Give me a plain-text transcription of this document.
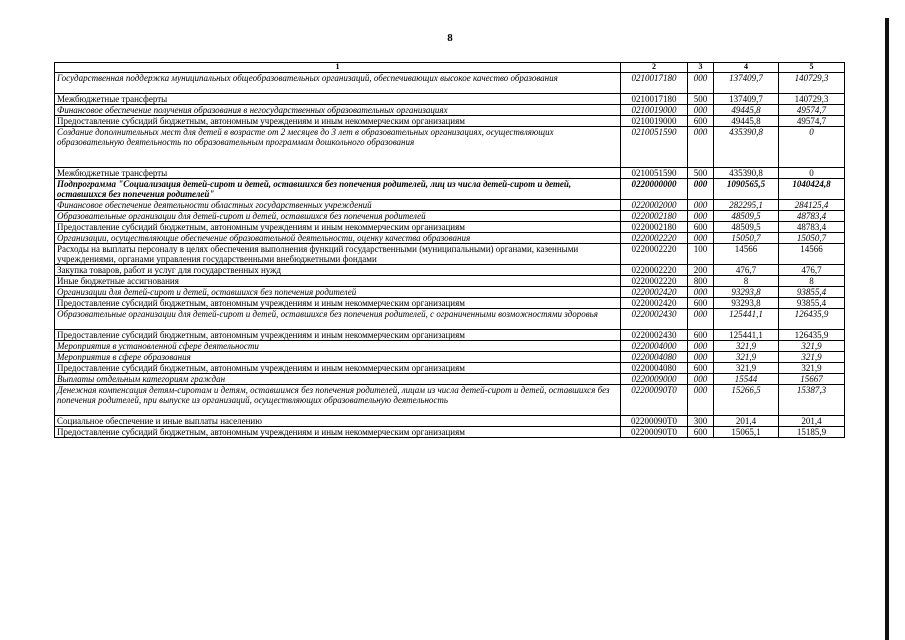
8
1	2	3	4	5
Государственная поддержка муниципальных общеобразовательных организаций, обеспечивающих высокое качество образования	0210017180	000	137409,7	140729,3
Межбюджетные трансферты	0210017180	500	137409,7	140729,3
Финансовое обеспечение получения образования в негосударственных образовательных организациях	0210019000	000	49445,8	49574,7
Предоставление субсидий бюджетным, автономным учреждениям и иным некоммерческим организациям	0210019000	600	49445,8	49574,7
Создание дополнительных мест для детей в возрасте от 2 месяцев до 3 лет в образовательных организациях, осуществляющих образовательную деятельность по образовательным программам дошкольного образования	0210051590	000	435390,8	0
Межбюджетные трансферты	0210051590	500	435390,8	0
Подпрограмма "Социализация детей-сирот и детей, оставшихся без попечения родителей, лиц из числа детей-сирот и детей, оставшихся без попечения родителей"	0220000000	000	1090565,5	1040424,8
Финансовое обеспечение деятельности областных государственных учреждений	0220002000	000	282295,1	284125,4
Образовательные организации для детей-сирот и детей, оставшихся без попечения родителей	0220002180	000	48509,5	48783,4
Предоставление субсидий бюджетным, автономным учреждениям и иным некоммерческим организациям	0220002180	600	48509,5	48783,4
Организации, осуществляющие обеспечение образовательной деятельности, оценку качества образования	0220002220	000	15050,7	15050,7
Расходы на выплаты персоналу в целях обеспечения выполнения функций государственными (муниципальными) органами, казенными учреждениями, органами управления государственными внебюджетными фондами	0220002220	100	14566	14566
Закупка товаров, работ и услуг для государственных нужд	0220002220	200	476,7	476,7
Иные бюджетные ассигнования	0220002220	800	8	8
Организации для детей-сирот и детей, оставшихся без попечения родителей	0220002420	000	93293,8	93855,4
Предоставление субсидий бюджетным, автономным учреждениям и иным некоммерческим организациям	0220002420	600	93293,8	93855,4
Образовательные организации для детей-сирот и детей, оставшихся без попечения родителей, с ограниченными возможностями здоровья	0220002430	000	125441,1	126435,9
Предоставление субсидий бюджетным, автономным учреждениям и иным некоммерческим организациям	0220002430	600	125441,1	126435,9
Мероприятия в установленной сфере деятельности	0220004000	000	321,9	321,9
Мероприятия в сфере образования	0220004080	000	321,9	321,9
Предоставление субсидий бюджетным, автономным учреждениям и иным некоммерческим организациям	0220004080	600	321,9	321,9
Выплаты отдельным категориям граждан	0220009000	000	15544	15667
Денежная компенсация детям-сиротам и детям, оставшимся без попечения родителей, лицам из числа детей-сирот и детей, оставшихся без попечения родителей, при выпуске из организаций, осуществляющих образовательную деятельность	02200090Т0	000	15266,5	15387,3
Социальное обеспечение и иные выплаты населению	02200090Т0	300	201,4	201,4
Предоставление субсидий бюджетным, автономным учреждениям и иным некоммерческим организациям	02200090Т0	600	15065,1	15185,9
